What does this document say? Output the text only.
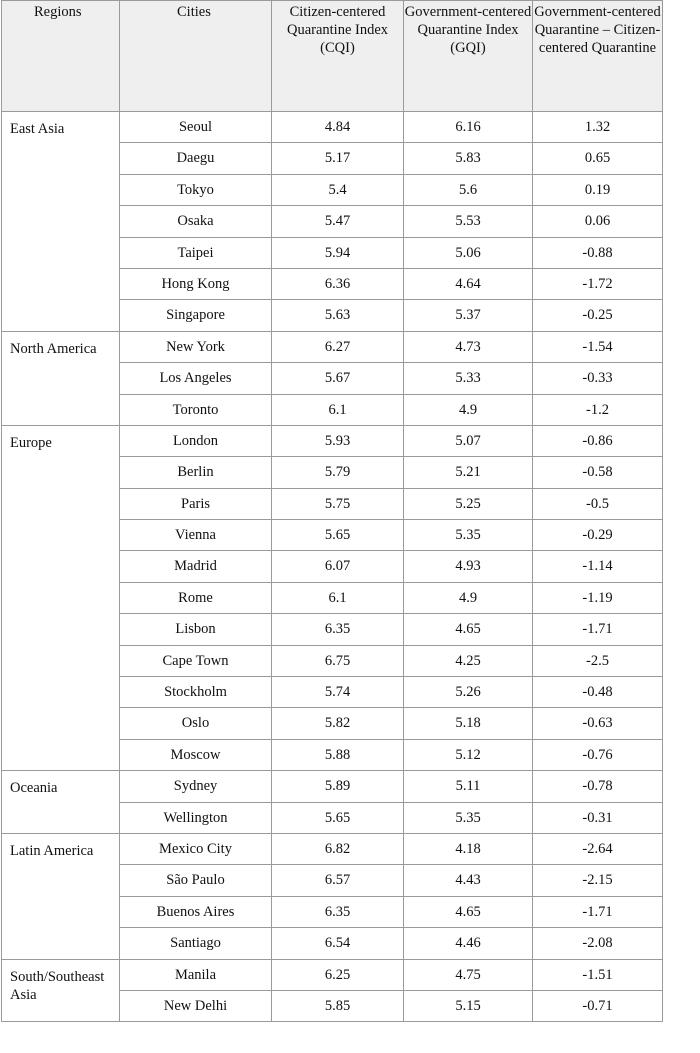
Regions	Cities	Citizen-centered Quarantine Index (CQI)	Government-centered Quarantine Index (GQI)	Government-centered Quarantine – Citizen-centered Quarantine
East Asia	Seoul	4.84	6.16	1.32
	Daegu	5.17	5.83	0.65
	Tokyo	5.4	5.6	0.19
	Osaka	5.47	5.53	0.06
	Taipei	5.94	5.06	-0.88
	Hong Kong	6.36	4.64	-1.72
	Singapore	5.63	5.37	-0.25
North America	New York	6.27	4.73	-1.54
	Los Angeles	5.67	5.33	-0.33
	Toronto	6.1	4.9	-1.2
Europe	London	5.93	5.07	-0.86
	Berlin	5.79	5.21	-0.58
	Paris	5.75	5.25	-0.5
	Vienna	5.65	5.35	-0.29
	Madrid	6.07	4.93	-1.14
	Rome	6.1	4.9	-1.19
	Lisbon	6.35	4.65	-1.71
	Cape Town	6.75	4.25	-2.5
	Stockholm	5.74	5.26	-0.48
	Oslo	5.82	5.18	-0.63
	Moscow	5.88	5.12	-0.76
Oceania	Sydney	5.89	5.11	-0.78
	Wellington	5.65	5.35	-0.31
Latin America	Mexico City	6.82	4.18	-2.64
	São Paulo	6.57	4.43	-2.15
	Buenos Aires	6.35	4.65	-1.71
	Santiago	6.54	4.46	-2.08
South/Southeast Asia	Manila	6.25	4.75	-1.51
	New Delhi	5.85	5.15	-0.71
